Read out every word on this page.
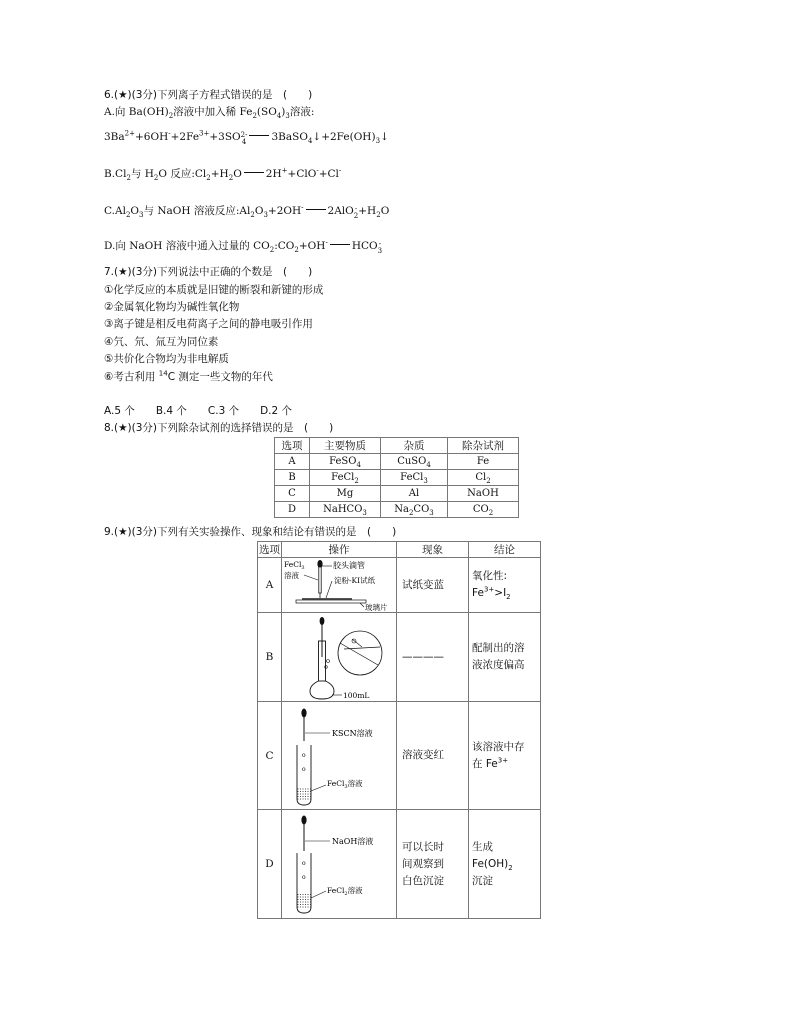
6.(★)(3分)下列离子方程式错误的是　(　　)
A.向 $Ba(OH)_2$溶液中加入稀 $Fe_2(SO_4)_3$溶液:
$3Ba^{2+}+6OH^-+2Fe^{3+}+3SO2-$
4 $3BaSO_4↓+2Fe(OH)_3↓$
$B.Cl_2$与 $H_2O$ 反应$:Cl_2+H_2O$ 2H++ClO-+Cl-
$C.Al_2O_3$与 NaOH 溶液反应$:Al_2O_3+2OH^-$ 2AlO-
$2+H_2O$
D.向 NaOH 溶液中通入过量的 $CO_2:CO_2+OH^-$ HCO-
3
7.(★)(3分)下列说法中正确的个数是　(　　)
①化学反应的本质就是旧键的断裂和新键的形成
②金属氧化物均为碱性氧化物
③离子键是相反电荷离子之间的静电吸引作用
④氕、氘、氚互为同位素
⑤共价化合物均为非电解质
⑥考古利用 $^{14}$C 测定一些文物的年代
A.5 个　　B.4 个　　C.3 个　　D.2 个
8.(★)(3分)下列除杂试剂的选择错误的是　(　　)
选项	主要物质	杂质	除杂试剂
A	FeSO$_4$	CuSO$_4$	Fe
B	FeCl$_2$	FeCl$_3$	$Cl_2$
C	Mg	Al	NaOH
D	NaHCO$_3$	$Na_2CO_3$	$CO_2$
9.(★)(3分)下列有关实验操作、现象和结论有错误的是　(　　)
选项	操作	现象	结论
A	胶头滴管
FeCl$_3$
溶液
淀粉-KI试纸
玻璃片	试纸变蓝	氧化性:
$Fe^{3+}>I_2$
B	100mL	————	配制出的溶
液浓度偏高
C	KSCN溶液
o
o
FeCl$_3$溶液	溶液变红	该溶液中存
在 $Fe^{3+}$
D	NaOH溶液
o
o
FeCl$_2$溶液	可以长时
间观察到
白色沉淀	生成
$Fe(OH)_2$
沉淀
